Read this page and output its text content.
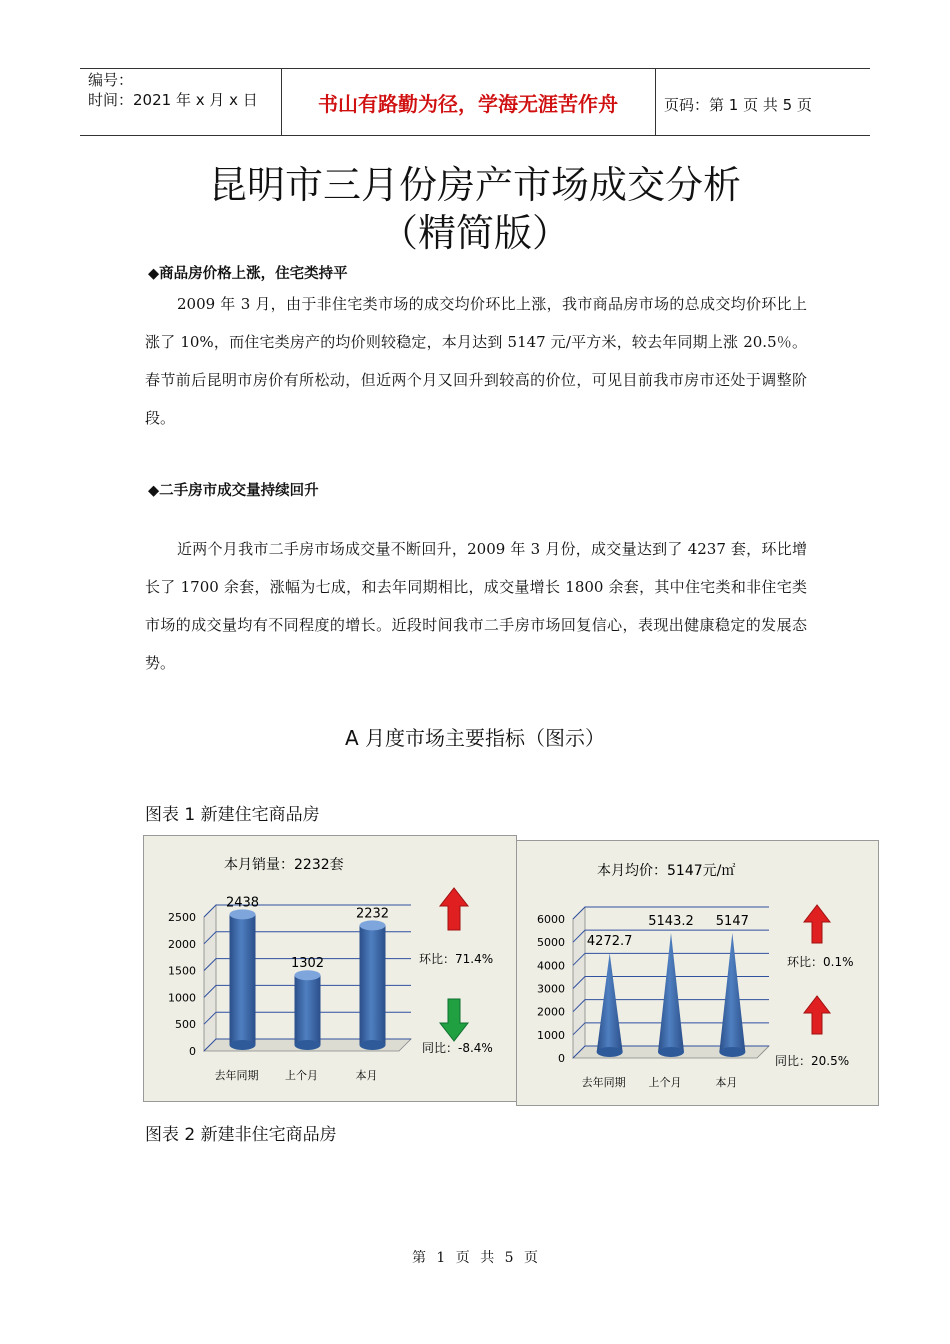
编号：
时间：2021 年 x 月 x 日	书山有路勤为径，学海无涯苦作舟	页码：第 1 页 共 5 页
昆明市三月份房产市场成交分析
（精简版）
◆商品房价格上涨，住宅类持平
2009 年 3 月，由于非住宅类市场的成交均价环比上涨，我市商品房市场的总成交均价环比上涨了 10%，而住宅类房产的均价则较稳定，本月达到 5147 元/平方米，较去年同期上涨 20.5％。春节前后昆明市房价有所松动，但近两个月又回升到较高的价位，可见目前我市房市还处于调整阶段。
◆二手房市成交量持续回升
近两个月我市二手房市场成交量不断回升，2009 年 3 月份，成交量达到了 4237 套，环比增长了 1700 余套，涨幅为七成，和去年同期相比，成交量增长 1800 余套，其中住宅类和非住宅类市场的成交量均有不同程度的增长。近段时间我市二手房市场回复信心，表现出健康稳定的发展态势。
A 月度市场主要指标（图示）
图表 1 新建住宅商品房
本月销量：2232套
0
500
1000
1500
2000
2500
2438
1302
2232
去年同期 上个月	本月
环比：71.4%
同比：-8.4%
本月均价：5147元/㎡
0
1000
2000
3000
4000
5000
6000
4272.7
5143.2 5147
去年同期 上个月	本月
环比：0.1%
同比：20.5%
图表 2 新建非住宅商品房
第 1 页 共 5 页
